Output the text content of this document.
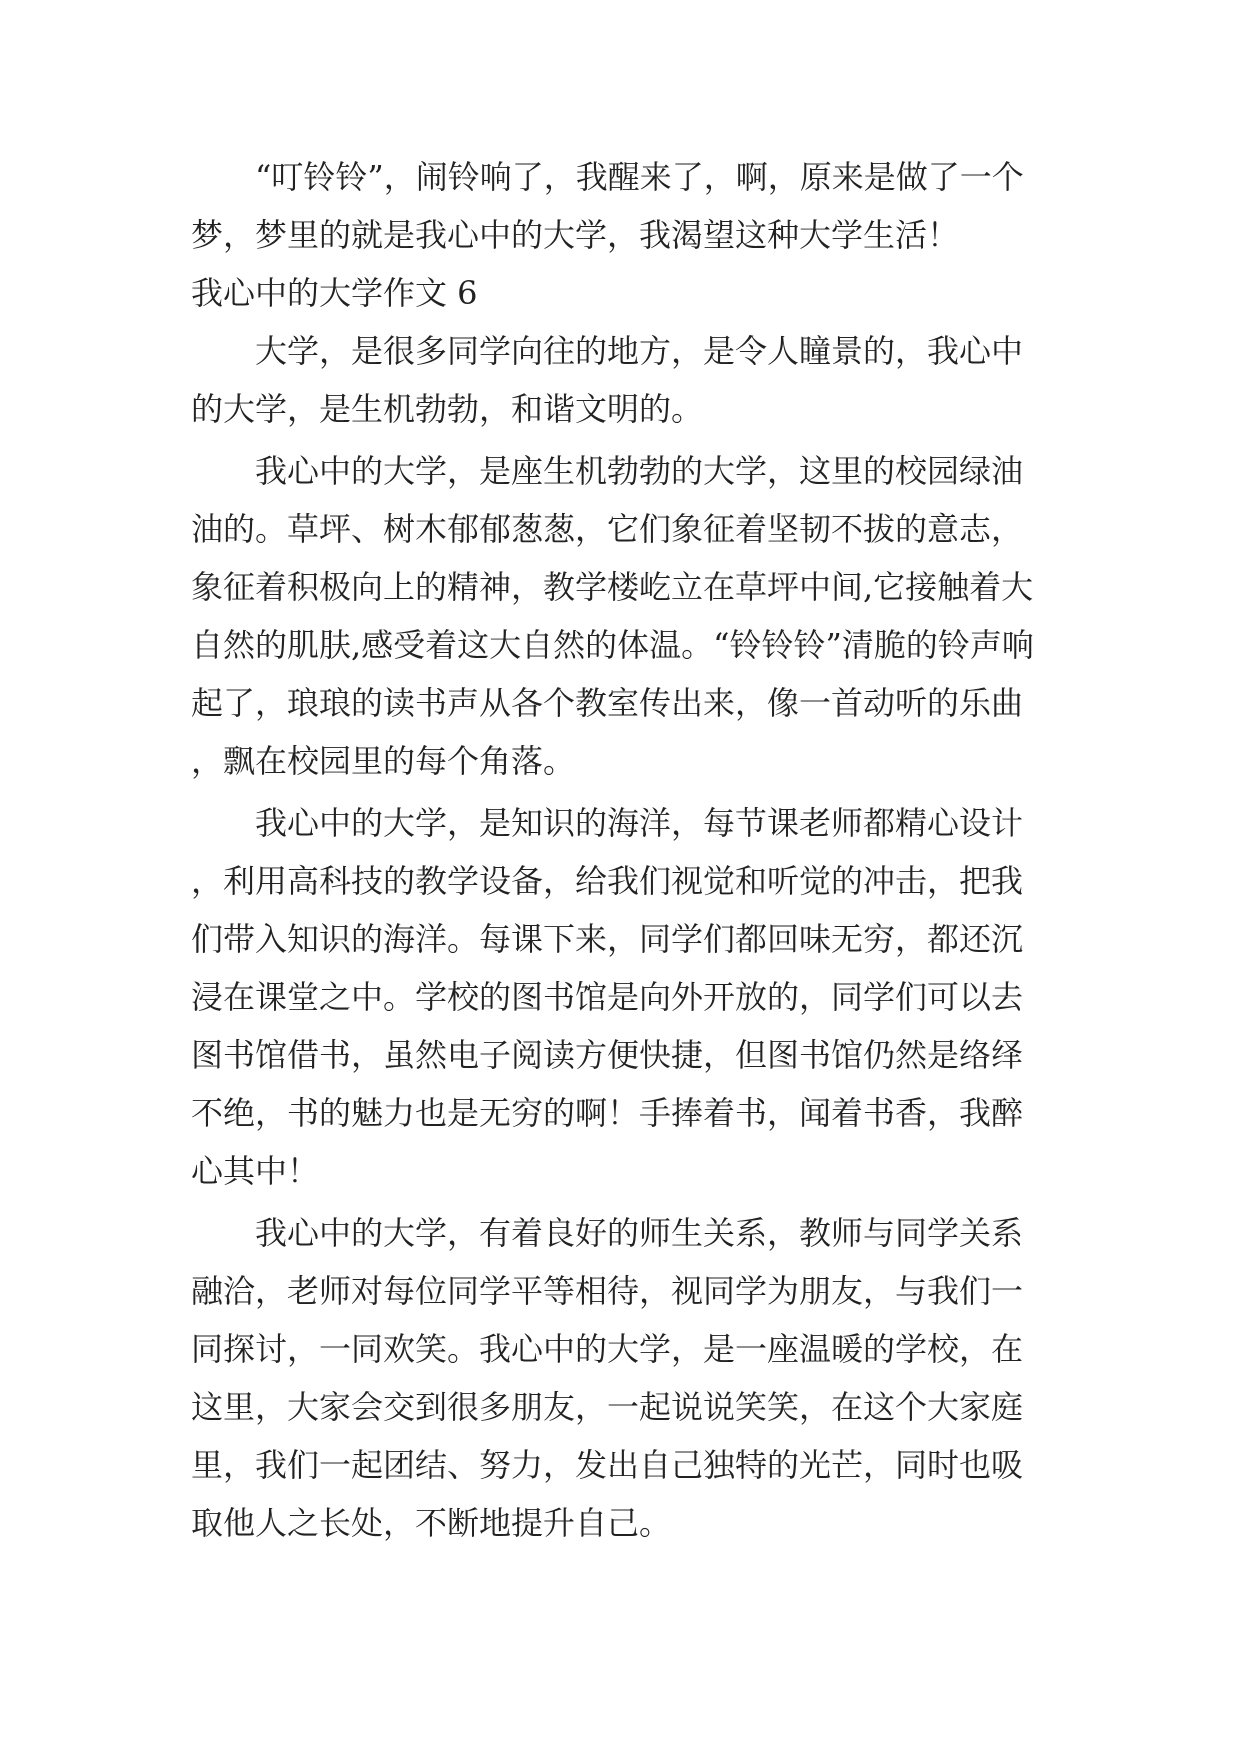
“叮铃铃”，闹铃响了，我醒来了，啊，原来是做了一个梦，梦里的就是我心中的大学，我渴望这种大学生活！

我心中的大学作文 6

大学，是很多同学向往的地方，是令人瞳景的，我心中的大学，是生机勃勃，和谐文明的。

我心中的大学，是座生机勃勃的大学，这里的校园绿油油的。草坪、树木郁郁葱葱，它们象征着坚韧不拔的意志，象征着积极向上的精神，教学楼屹立在草坪中间,它接触着大自然的肌肤,感受着这大自然的体温。“铃铃铃”清脆的铃声响起了，琅琅的读书声从各个教室传出来，像一首动听的乐曲，飘在校园里的每个角落。

我心中的大学，是知识的海洋，每节课老师都精心设计，利用高科技的教学设备，给我们视觉和听觉的冲击，把我们带入知识的海洋。每课下来，同学们都回味无穷，都还沉浸在课堂之中。学校的图书馆是向外开放的，同学们可以去图书馆借书，虽然电子阅读方便快捷，但图书馆仍然是络绎不绝，书的魅力也是无穷的啊！手捧着书，闻着书香，我醉心其中！

我心中的大学，有着良好的师生关系，教师与同学关系融洽，老师对每位同学平等相待，视同学为朋友，与我们一同探讨，一同欢笑。我心中的大学，是一座温暖的学校，在这里，大家会交到很多朋友，一起说说笑笑，在这个大家庭里，我们一起团结、努力，发出自己独特的光芒，同时也吸取他人之长处，不断地提升自己。
